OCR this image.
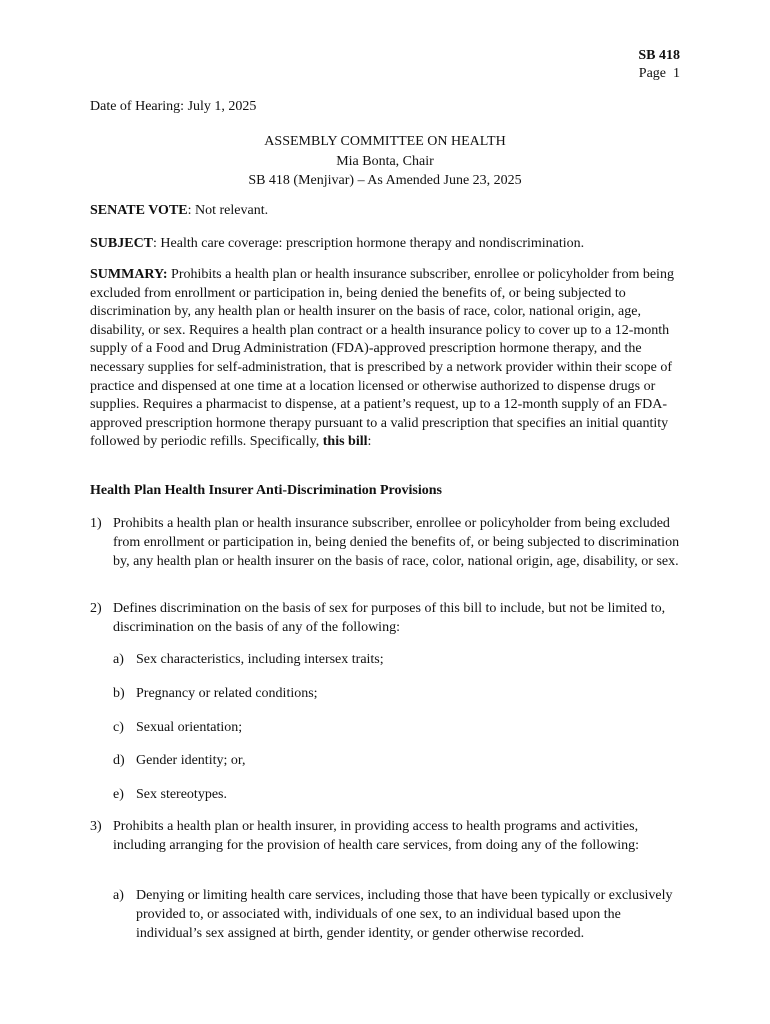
SB 418
Page  1
Date of Hearing: July 1, 2025
ASSEMBLY COMMITTEE ON HEALTH
Mia Bonta, Chair
SB 418 (Menjivar) – As Amended June 23, 2025

SENATE VOTE: Not relevant.

SUBJECT: Health care coverage: prescription hormone therapy and nondiscrimination.

SUMMARY: Prohibits a health plan or health insurance subscriber, enrollee or policyholder from being excluded from enrollment or participation in, being denied the benefits of, or being subjected to discrimination by, any health plan or health insurer on the basis of race, color, national origin, age, disability, or sex. Requires a health plan contract or a health insurance policy to cover up to a 12-month supply of a Food and Drug Administration (FDA)-approved prescription hormone therapy, and the necessary supplies for self-administration, that is prescribed by a network provider within their scope of practice and dispensed at one time at a location licensed or otherwise authorized to dispense drugs or supplies. Requires a pharmacist to dispense, at a patient’s request, up to a 12-month supply of an FDA-approved prescription hormone therapy pursuant to a valid prescription that specifies an initial quantity followed by periodic refills. Specifically, this bill:

Health Plan Health Insurer Anti-Discrimination Provisions

1) Prohibits a health plan or health insurance subscriber, enrollee or policyholder from being excluded from enrollment or participation in, being denied the benefits of, or being subjected to discrimination by, any health plan or health insurer on the basis of race, color, national origin, age, disability, or sex.
2) Defines discrimination on the basis of sex for purposes of this bill to include, but not be limited to, discrimination on the basis of any of the following:
a) Sex characteristics, including intersex traits;
b) Pregnancy or related conditions;
c) Sexual orientation;
d) Gender identity; or,
e) Sex stereotypes.
3) Prohibits a health plan or health insurer, in providing access to health programs and activities, including arranging for the provision of health care services, from doing any of the following:
a) Denying or limiting health care services, including those that have been typically or exclusively provided to, or associated with, individuals of one sex, to an individual based upon the individual’s sex assigned at birth, gender identity, or gender otherwise recorded.
